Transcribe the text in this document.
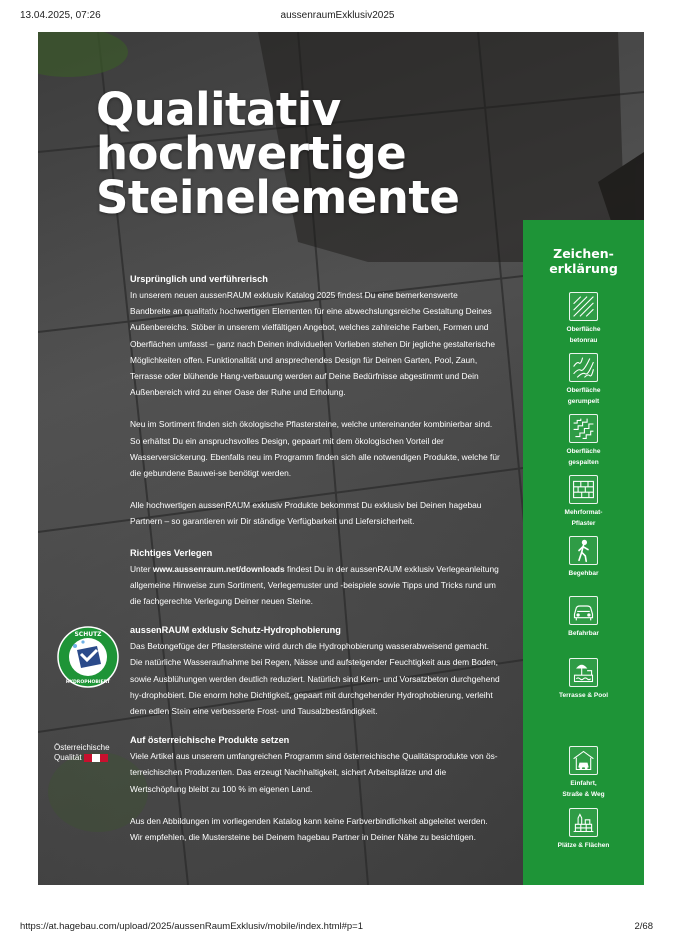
13.04.2025, 07:26	aussenraumExklusiv2025
Qualitativ
hochwertige
Steinelemente
Ursprünglich und verführerisch

In unserem neuen aussenRAUM exklusiv Katalog 2025 findest Du eine bemerkenswerte Bandbreite an qualitativ hochwertigen Elementen für eine abwechslungsreiche Gestaltung Deines Außenbereichs. Stöber in unserem vielfältigen Angebot, welches zahlreiche Farben, Formen und Oberflächen umfasst – ganz nach Deinen individuellen Vorlieben stehen Dir jegliche gestalterische Möglichkeiten offen. Funktionalität und ansprechendes Design für Deinen Garten, Pool, Zaun, Terrasse oder blühende Hang-verbauung werden auf Deine Bedürfnisse abgestimmt und Dein Außenbereich wird zu einer Oase der Ruhe und Erholung.

Neu im Sortiment finden sich ökologische Pflastersteine, welche untereinander kombinierbar sind. So erhältst Du ein anspruchsvolles Design, gepaart mit dem ökologischen Vorteil der Wasserversickerung. Ebenfalls neu im Programm finden sich alle notwendigen Produkte, welche für die gebundene Bauwei-se benötigt werden.

Alle hochwertigen aussenRAUM exklusiv Produkte bekommst Du exklusiv bei Deinen hagebau Partnern – so garantieren wir Dir ständige Verfügbarkeit und Liefersicherheit.

Richtiges Verlegen

Unter www.aussenraum.net/downloads findest Du in der aussenRAUM exklusiv Verlegeanleitung allgemeine Hinweise zum Sortiment, Verlegemuster und -beispiele sowie Tipps und Tricks rund um die fachgerechte Verlegung Deiner neuen Steine.

aussenRAUM exklusiv Schutz-Hydrophobierung

Das Betongefüge der Pflastersteine wird durch die Hydrophobierung wasserabweisend gemacht. Die natürliche Wasseraufnahme bei Regen, Nässe und aufsteigender Feuchtigkeit aus dem Boden, sowie Ausblühungen werden deutlich reduziert. Natürlich sind Kern- und Vorsatzbeton durchgehend hy-drophobiert. Die enorm hohe Dichtigkeit, gepaart mit durchgehender Hydrophobierung, verleiht dem edlen Stein eine verbesserte Frost- und Tausalzbeständigkeit.

Auf österreichische Produkte setzen

Viele Artikel aus unserem umfangreichen Programm sind österreichische Qualitätsprodukte von ös-terreichischen Produzenten. Das erzeugt Nachhaltigkeit, sichert Arbeitsplätze und die Wertschöpfung bleibt zu 100 % im eigenen Land.

Aus den Abbildungen im vorliegenden Katalog kann keine Farbverbindlichkeit abgeleitet werden. Wir empfehlen, die Mustersteine bei Deinem hagebau Partner in Deiner Nähe zu besichtigen.

SCHUTZ
HYDROPHOBIERT
Österreichische
Qualität
Zeichen-
erklärung
Oberfläche
betonrau
Oberfläche
gerumpelt
Oberfläche
gespalten
Mehrformat-
Pflaster
Begehbar
Befahrbar
Terrasse & Pool
Einfahrt,
Straße & Weg
Plätze & Flächen
https://at.hagebau.com/upload/2025/aussenRaumExklusiv/mobile/index.html#p=1	2/68
